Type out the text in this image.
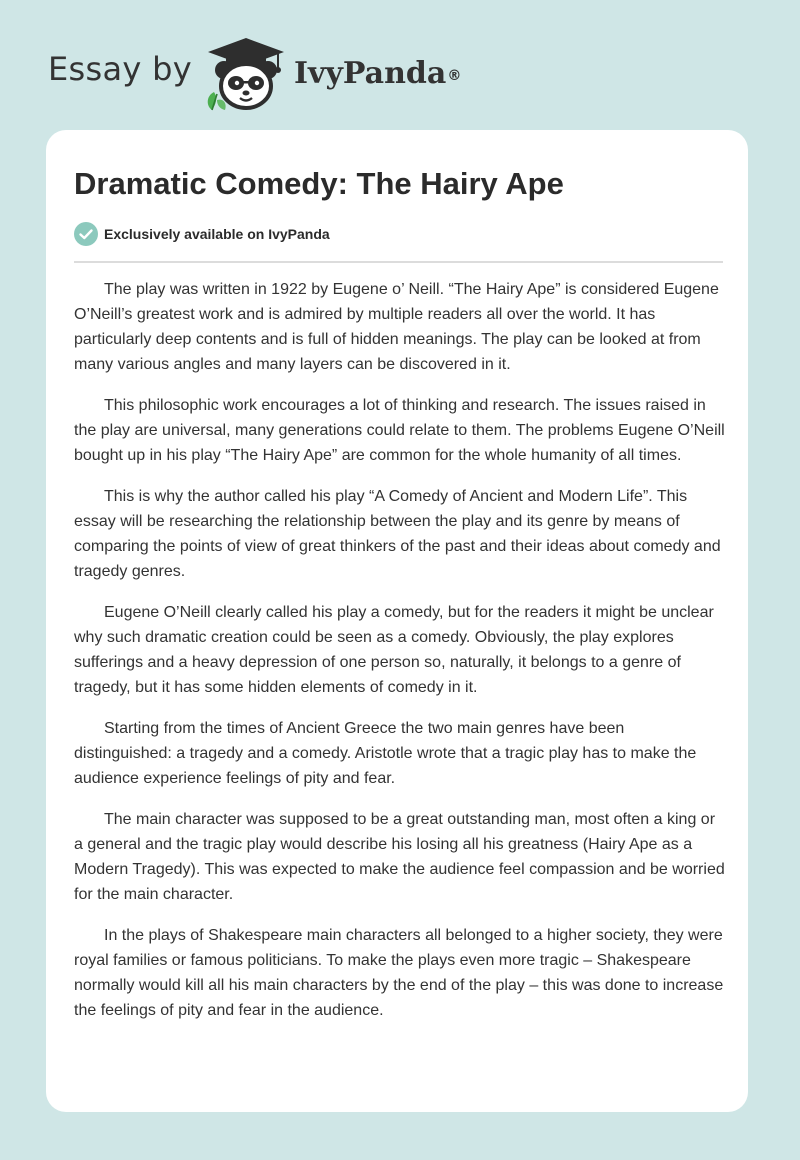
Essay by	IvyPanda®
Dramatic Comedy: The Hairy Ape
Exclusively available on IvyPanda

The play was written in 1922 by Eugene o’ Neill. “The Hairy Ape” is considered Eugene O’Neill’s greatest work and is admired by multiple readers all over the world. It has particularly deep contents and is full of hidden meanings. The play can be looked at from many various angles and many layers can be discovered in it.

This philosophic work encourages a lot of thinking and research. The issues raised in the play are universal, many generations could relate to them. The problems Eugene O’Neill bought up in his play “The Hairy Ape” are common for the whole humanity of all times.

This is why the author called his play “A Comedy of Ancient and Modern Life”. This essay will be researching the relationship between the play and its genre by means of comparing the points of view of great thinkers of the past and their ideas about comedy and tragedy genres.

Eugene O’Neill clearly called his play a comedy, but for the readers it might be unclear why such dramatic creation could be seen as a comedy. Obviously, the play explores sufferings and a heavy depression of one person so, naturally, it belongs to a genre of tragedy, but it has some hidden elements of comedy in it.

Starting from the times of Ancient Greece the two main genres have been distinguished: a tragedy and a comedy. Aristotle wrote that a tragic play has to make the audience experience feelings of pity and fear.

The main character was supposed to be a great outstanding man, most often a king or a general and the tragic play would describe his losing all his greatness (Hairy Ape as a Modern Tragedy). This was expected to make the audience feel compassion and be worried for the main character.

In the plays of Shakespeare main characters all belonged to a higher society, they were royal families or famous politicians. To make the plays even more tragic – Shakespeare normally would kill all his main characters by the end of the play – this was done to increase the feelings of pity and fear in the audience.
